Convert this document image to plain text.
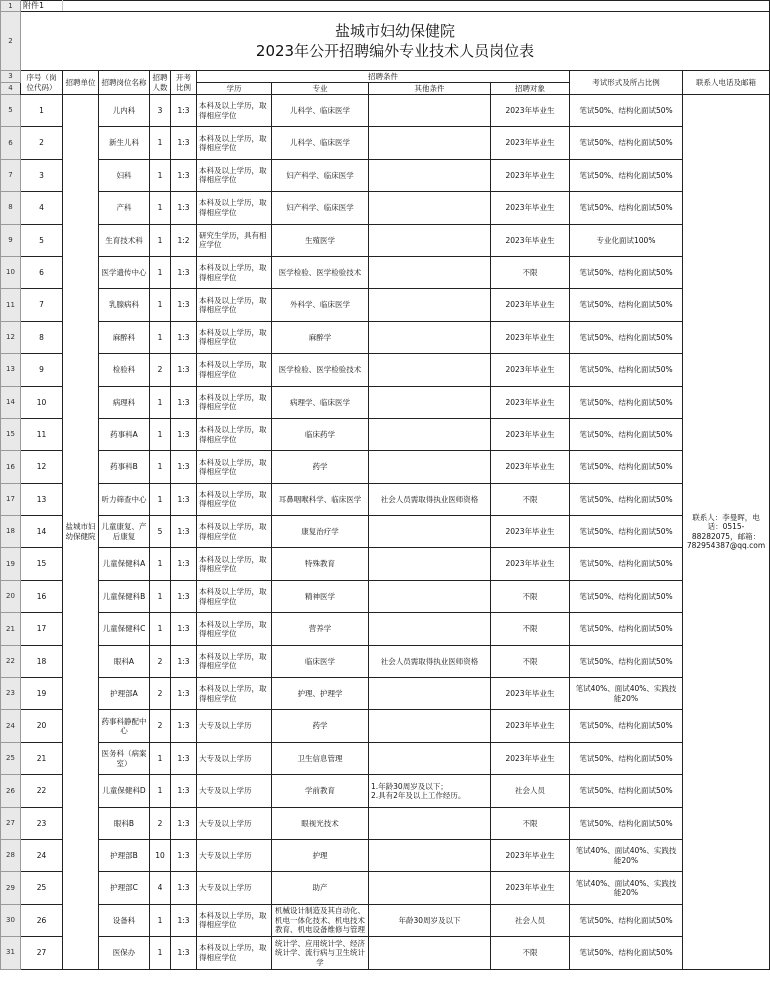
1	附件1										
2	盐城市妇幼保健院
2023年公开招聘编外专业技术人员岗位表										

3	序号（岗位代码）	招聘单位	招聘岗位名称	招聘人数	开考比例	招聘条件				考试形式及所占比例	联系人电话及邮箱
4						学历	专业	其他条件	招聘对象		
5	1	盐城市妇幼保健院	儿内科	3	1:3	本科及以上学历，取得相应学位	儿科学、临床医学		2023年毕业生	笔试50%、结构化面试50%	联系人：李曼晖，电话：0515-88282075，邮箱：782954387@qq.com
6	2		新生儿科	1	1:3	本科及以上学历，取得相应学位	儿科学、临床医学		2023年毕业生	笔试50%、结构化面试50%	
7	3		妇科	1	1:3	本科及以上学历，取得相应学位	妇产科学、临床医学		2023年毕业生	笔试50%、结构化面试50%	
8	4		产科	1	1:3	本科及以上学历，取得相应学位	妇产科学、临床医学		2023年毕业生	笔试50%、结构化面试50%	
9	5		生育技术科	1	1:2	研究生学历，具有相应学位	生殖医学		2023年毕业生	专业化面试100%	
10	6		医学遗传中心	1	1:3	本科及以上学历，取得相应学位	医学检验、医学检验技术		不限	笔试50%、结构化面试50%	
11	7		乳腺病科	1	1:3	本科及以上学历，取得相应学位	外科学、临床医学		2023年毕业生	笔试50%、结构化面试50%	
12	8		麻醉科	1	1:3	本科及以上学历，取得相应学位	麻醉学		2023年毕业生	笔试50%、结构化面试50%	
13	9		检验科	2	1:3	本科及以上学历，取得相应学位	医学检验、医学检验技术		2023年毕业生	笔试50%、结构化面试50%	
14	10		病理科	1	1:3	本科及以上学历，取得相应学位	病理学、临床医学		2023年毕业生	笔试50%、结构化面试50%	
15	11		药事科A	1	1:3	本科及以上学历，取得相应学位	临床药学		2023年毕业生	笔试50%、结构化面试50%	
16	12		药事科B	1	1:3	本科及以上学历，取得相应学位	药学		2023年毕业生	笔试50%、结构化面试50%	
17	13		听力筛查中心	1	1:3	本科及以上学历，取得相应学位	耳鼻咽喉科学、临床医学	社会人员需取得执业医师资格	不限	笔试50%、结构化面试50%	
18	14		儿童康复、产后康复	5	1:3	本科及以上学历，取得相应学位	康复治疗学		2023年毕业生	笔试50%、结构化面试50%	
19	15		儿童保健科A	1	1:3	本科及以上学历，取得相应学位	特殊教育		2023年毕业生	笔试50%、结构化面试50%	
20	16		儿童保健科B	1	1:3	本科及以上学历，取得相应学位	精神医学		不限	笔试50%、结构化面试50%	
21	17		儿童保健科C	1	1:3	本科及以上学历，取得相应学位	营养学		不限	笔试50%、结构化面试50%	
22	18		眼科A	2	1:3	本科及以上学历，取得相应学位	临床医学	社会人员需取得执业医师资格	不限	笔试50%、结构化面试50%	
23	19		护理部A	2	1:3	本科及以上学历，取得相应学位	护理、护理学		2023年毕业生	笔试40%、面试40%、实践技能20%	
24	20		药事科静配中心	2	1:3	大专及以上学历	药学		2023年毕业生	笔试50%、结构化面试50%	
25	21		医务科（病案室）	1	1:3	大专及以上学历	卫生信息管理		2023年毕业生	笔试50%、结构化面试50%	
26	22		儿童保健科D	1	1:3	大专及以上学历	学前教育	1.年龄30周岁及以下；
2.具有2年及以上工作经历。	社会人员	笔试50%、结构化面试50%	
27	23		眼科B	2	1:3	大专及以上学历	眼视光技术		不限	笔试50%、结构化面试50%	
28	24		护理部B	10	1:3	大专及以上学历	护理		2023年毕业生	笔试40%、面试40%、实践技能20%	
29	25		护理部C	4	1:3	大专及以上学历	助产		2023年毕业生	笔试40%、面试40%、实践技能20%	
30	26		设备科	1	1:3	本科及以上学历，取得相应学位	机械设计制造及其自动化、机电一体化技术、机电技术教育、机电设备维修与管理	年龄30周岁及以下	社会人员	笔试50%、结构化面试50%	
31	27		医保办	1	1:3	本科及以上学历，取得相应学位	统计学、应用统计学、经济统计学、流行病与卫生统计学		不限	笔试50%、结构化面试50%	
